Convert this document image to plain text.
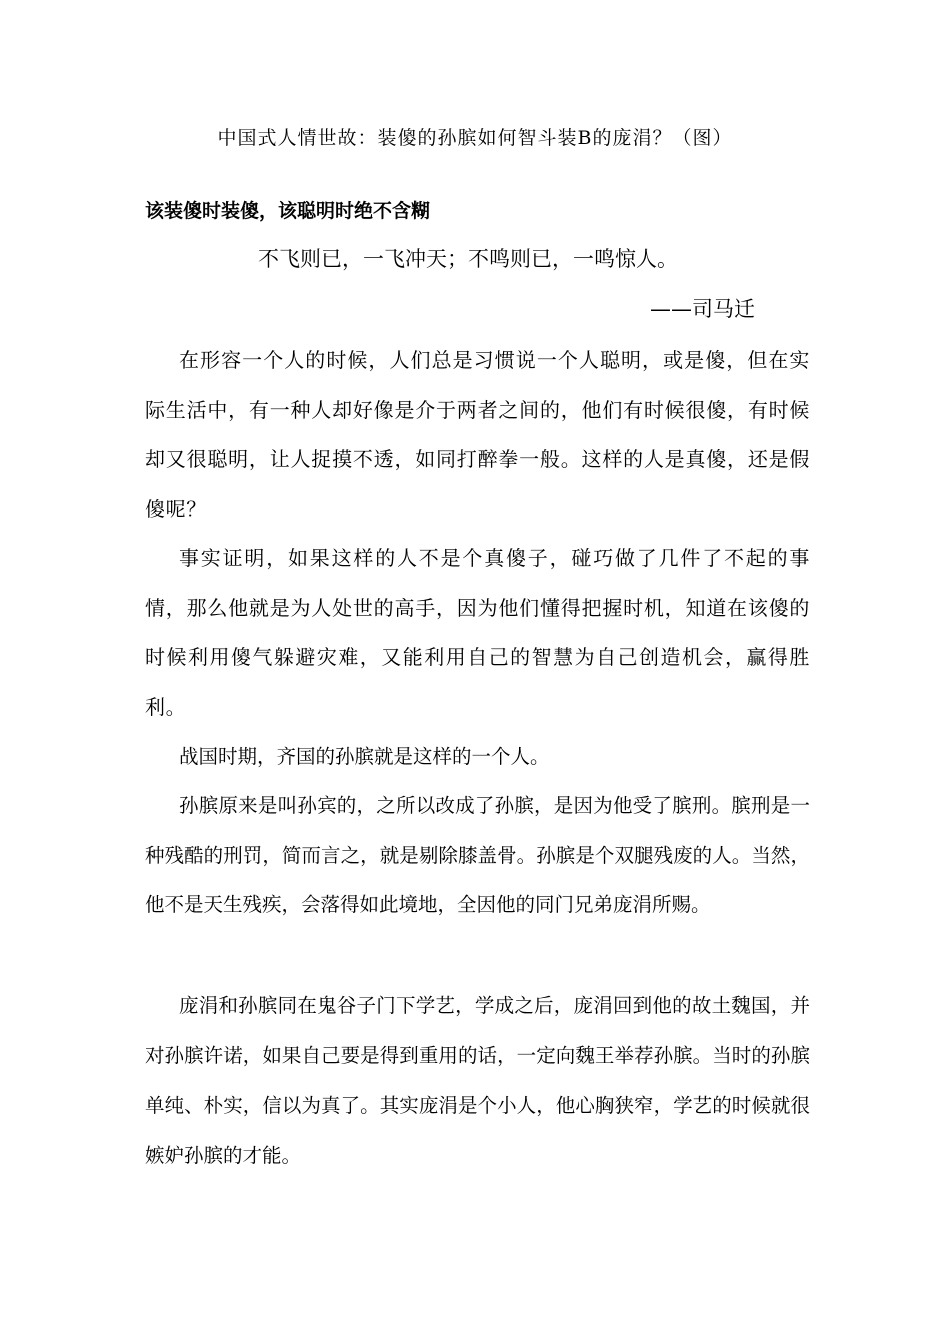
中国式人情世故：装傻的孙膑如何智斗装B的庞涓？（图）
该装傻时装傻，该聪明时绝不含糊
不飞则已，一飞冲天；不鸣则已，一鸣惊人。
——司马迁

在形容一个人的时候，人们总是习惯说一个人聪明，或是傻，但在实际生活中，有一种人却好像是介于两者之间的，他们有时候很傻，有时候却又很聪明，让人捉摸不透，如同打醉拳一般。这样的人是真傻，还是假傻呢？

事实证明，如果这样的人不是个真傻子，碰巧做了几件了不起的事情，那么他就是为人处世的高手，因为他们懂得把握时机，知道在该傻的时候利用傻气躲避灾难，又能利用自己的智慧为自己创造机会，赢得胜利。

战国时期，齐国的孙膑就是这样的一个人。

孙膑原来是叫孙宾的，之所以改成了孙膑，是因为他受了膑刑。膑刑是一种残酷的刑罚，简而言之，就是剔除膝盖骨。孙膑是个双腿残废的人。当然，他不是天生残疾，会落得如此境地，全因他的同门兄弟庞涓所赐。

庞涓和孙膑同在鬼谷子门下学艺，学成之后，庞涓回到他的故土魏国，并对孙膑许诺，如果自己要是得到重用的话，一定向魏王举荐孙膑。当时的孙膑单纯、朴实，信以为真了。其实庞涓是个小人，他心胸狭窄，学艺的时候就很嫉妒孙膑的才能。
